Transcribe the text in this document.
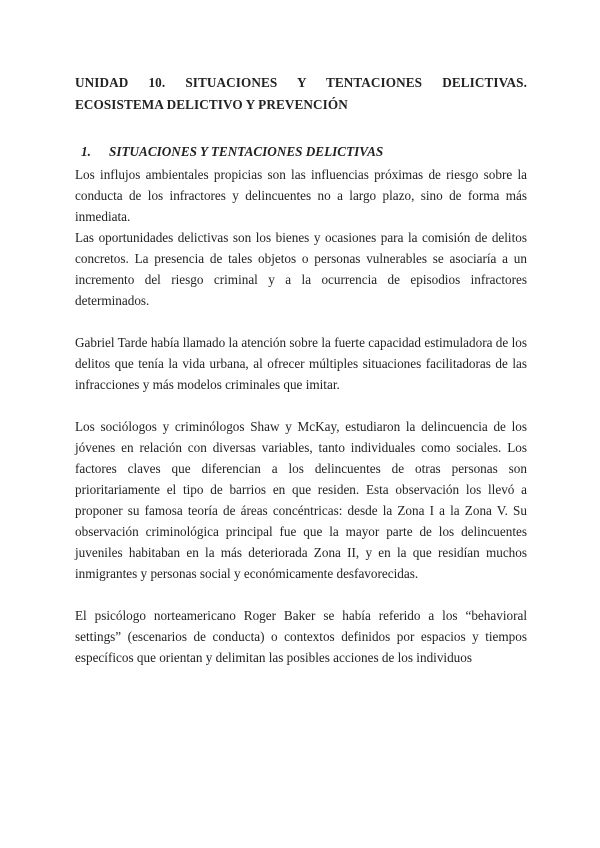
UNIDAD 10. SITUACIONES Y TENTACIONES DELICTIVAS. ECOSISTEMA DELICTIVO Y PREVENCIÓN
1.	SITUACIONES Y TENTACIONES DELICTIVAS

Los influjos ambientales propicias son las influencias próximas de riesgo sobre la conducta de los infractores y delincuentes no a largo plazo, sino de forma más inmediata.

Las oportunidades delictivas son los bienes y ocasiones para la comisión de delitos concretos. La presencia de tales objetos o personas vulnerables se asociaría a un incremento del riesgo criminal y a la ocurrencia de episodios infractores determinados.

Gabriel Tarde había llamado la atención sobre la fuerte capacidad estimuladora de los delitos que tenía la vida urbana, al ofrecer múltiples situaciones facilitadoras de las infracciones y más modelos criminales que imitar.

Los sociólogos y criminólogos Shaw y McKay, estudiaron la delincuencia de los jóvenes en relación con diversas variables, tanto individuales como sociales. Los factores claves que diferencian a los delincuentes de otras personas son prioritariamente el tipo de barrios en que residen. Esta observación los llevó a proponer su famosa teoría de áreas concéntricas: desde la Zona I a la Zona V. Su observación criminológica principal fue que la mayor parte de los delincuentes juveniles habitaban en la más deteriorada Zona II, y en la que residían muchos inmigrantes y personas social y económicamente desfavorecidas.

El psicólogo norteamericano Roger Baker se había referido a los “behavioral settings” (escenarios de conducta) o contextos definidos por espacios y tiempos específicos que orientan y delimitan las posibles acciones de los individuos
